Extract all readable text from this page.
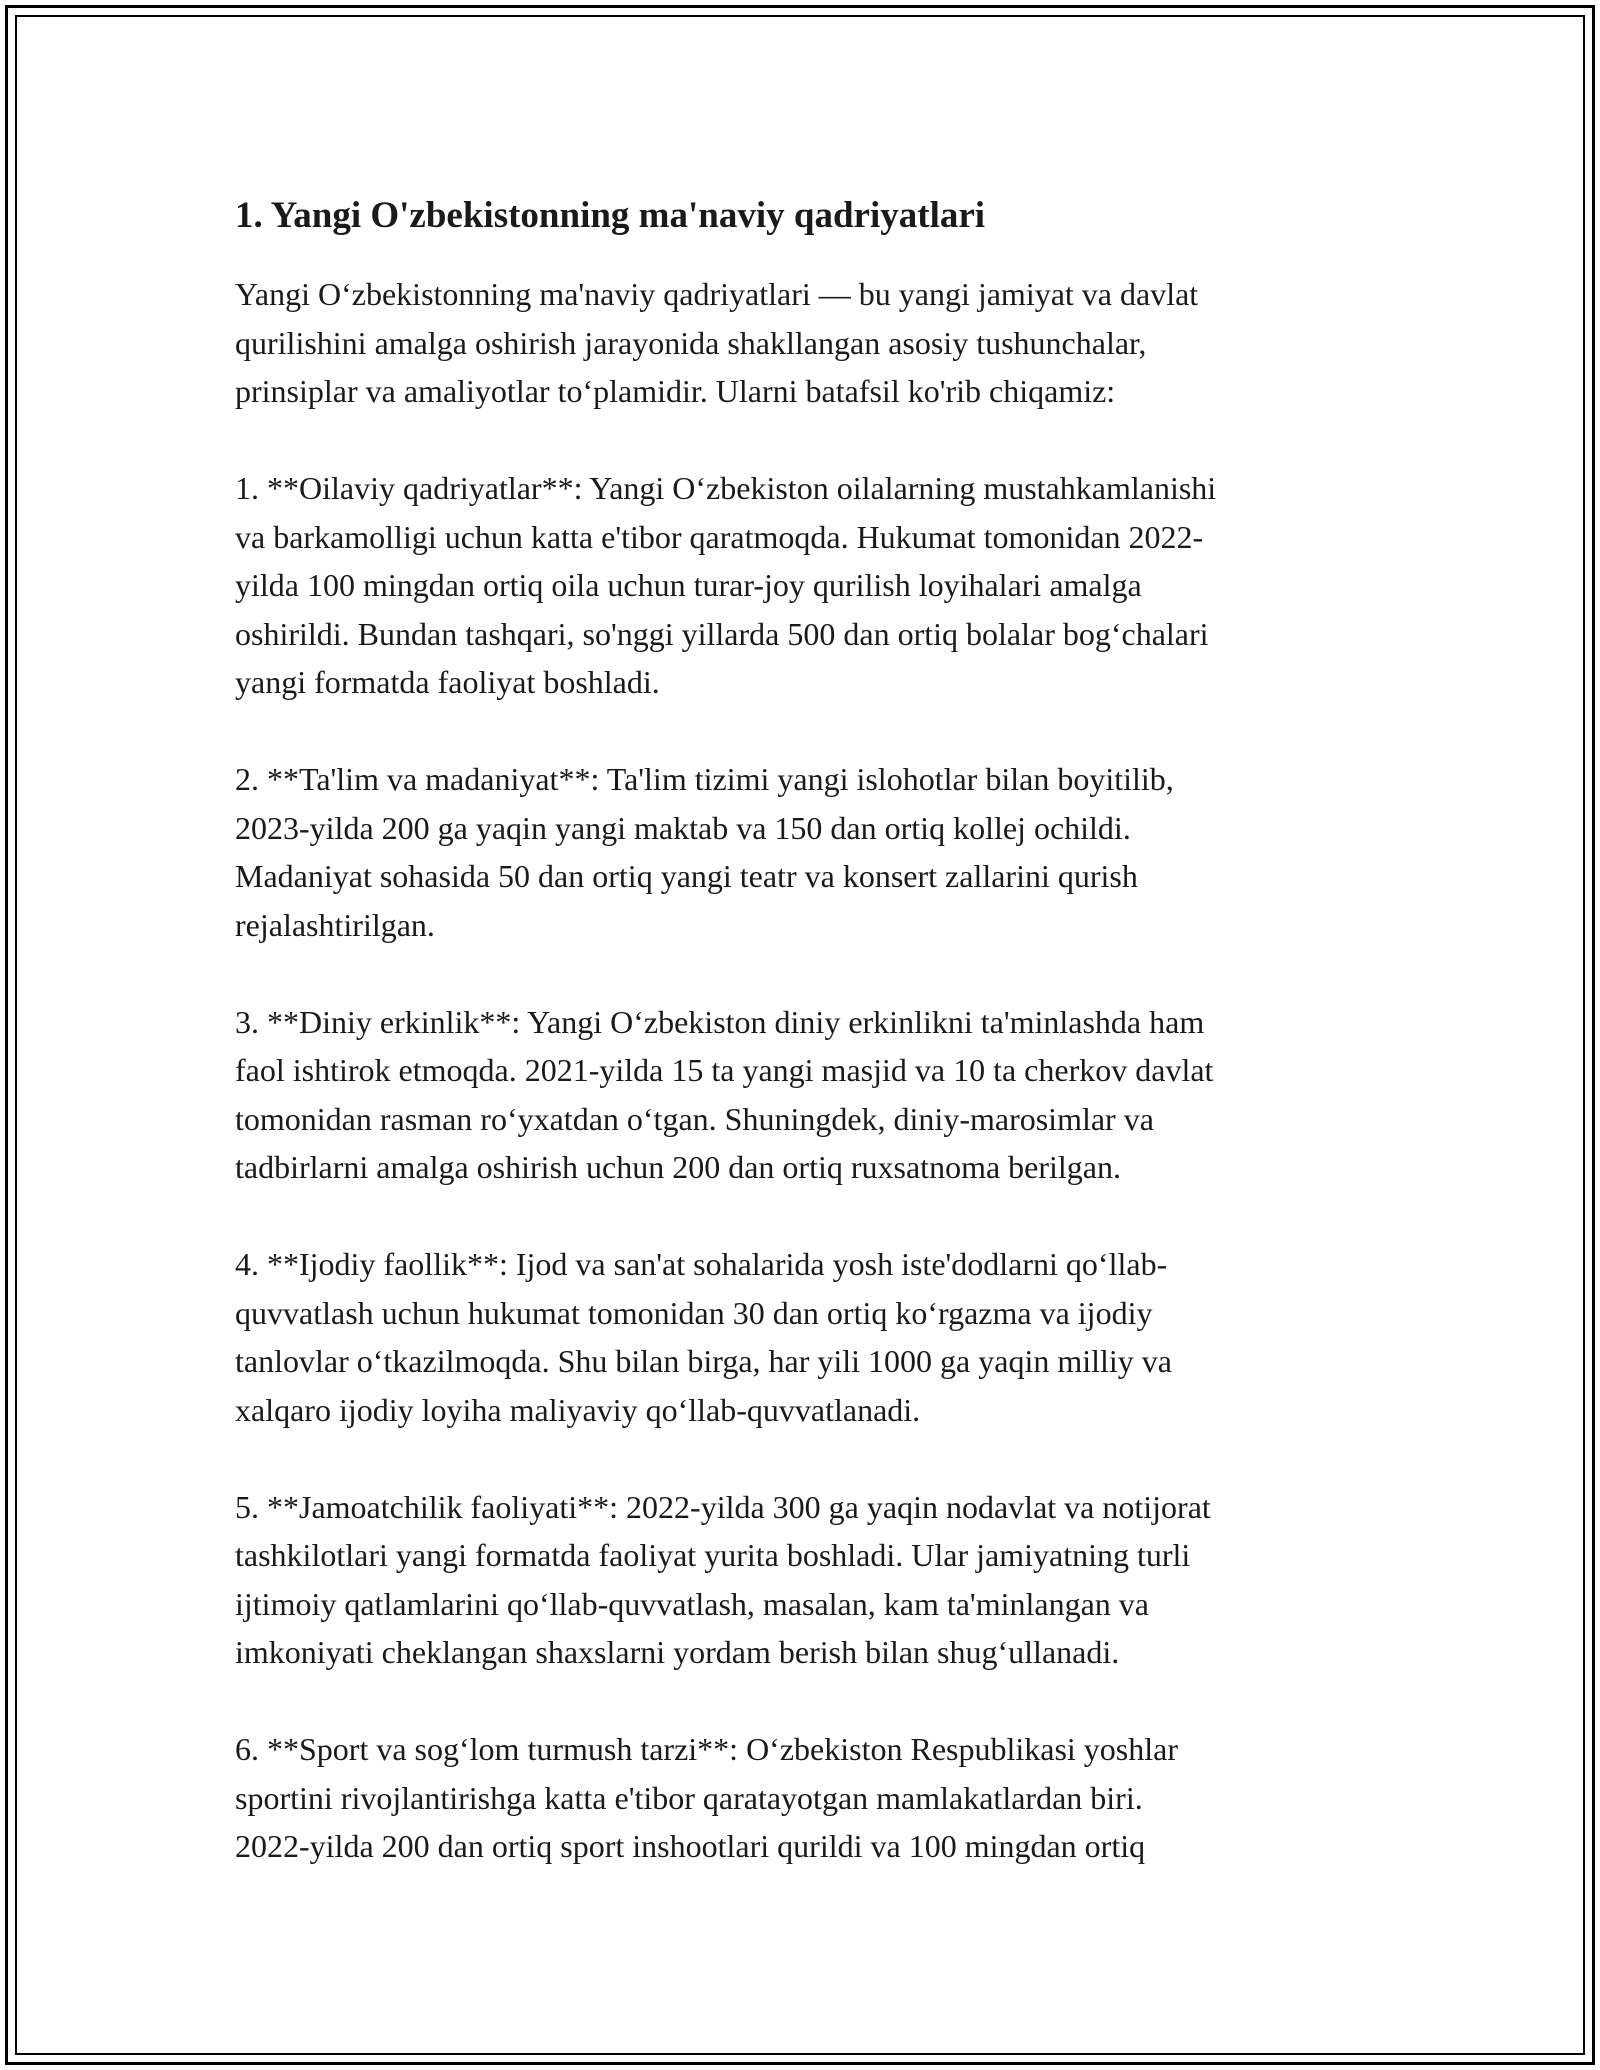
1. Yangi O'zbekistonning ma'naviy qadriyatlari

Yangi O‘zbekistonning ma'naviy qadriyatlari — bu yangi jamiyat va davlat
qurilishini amalga oshirish jarayonida shakllangan asosiy tushunchalar,
prinsiplar va amaliyotlar to‘plamidir. Ularni batafsil ko'rib chiqamiz:

1. **Oilaviy qadriyatlar**: Yangi O‘zbekiston oilalarning mustahkamlanishi
va barkamolligi uchun katta e'tibor qaratmoqda. Hukumat tomonidan 2022-
yilda 100 mingdan ortiq oila uchun turar-joy qurilish loyihalari amalga
oshirildi. Bundan tashqari, so'nggi yillarda 500 dan ortiq bolalar bog‘chalari
yangi formatda faoliyat boshladi.

2. **Ta'lim va madaniyat**: Ta'lim tizimi yangi islohotlar bilan boyitilib,
2023-yilda 200 ga yaqin yangi maktab va 150 dan ortiq kollej ochildi.
Madaniyat sohasida 50 dan ortiq yangi teatr va konsert zallarini qurish
rejalashtirilgan.

3. **Diniy erkinlik**: Yangi O‘zbekiston diniy erkinlikni ta'minlashda ham
faol ishtirok etmoqda. 2021-yilda 15 ta yangi masjid va 10 ta cherkov davlat
tomonidan rasman ro‘yxatdan o‘tgan. Shuningdek, diniy-marosimlar va
tadbirlarni amalga oshirish uchun 200 dan ortiq ruxsatnoma berilgan.

4. **Ijodiy faollik**: Ijod va san'at sohalarida yosh iste'dodlarni qo‘llab-
quvvatlash uchun hukumat tomonidan 30 dan ortiq ko‘rgazma va ijodiy
tanlovlar o‘tkazilmoqda. Shu bilan birga, har yili 1000 ga yaqin milliy va
xalqaro ijodiy loyiha maliyaviy qo‘llab-quvvatlanadi.

5. **Jamoatchilik faoliyati**: 2022-yilda 300 ga yaqin nodavlat va notijorat
tashkilotlari yangi formatda faoliyat yurita boshladi. Ular jamiyatning turli
ijtimoiy qatlamlarini qo‘llab-quvvatlash, masalan, kam ta'minlangan va
imkoniyati cheklangan shaxslarni yordam berish bilan shug‘ullanadi.

6. **Sport va sog‘lom turmush tarzi**: O‘zbekiston Respublikasi yoshlar
sportini rivojlantirishga katta e'tibor qaratayotgan mamlakatlardan biri.
2022-yilda 200 dan ortiq sport inshootlari qurildi va 100 mingdan ortiq
